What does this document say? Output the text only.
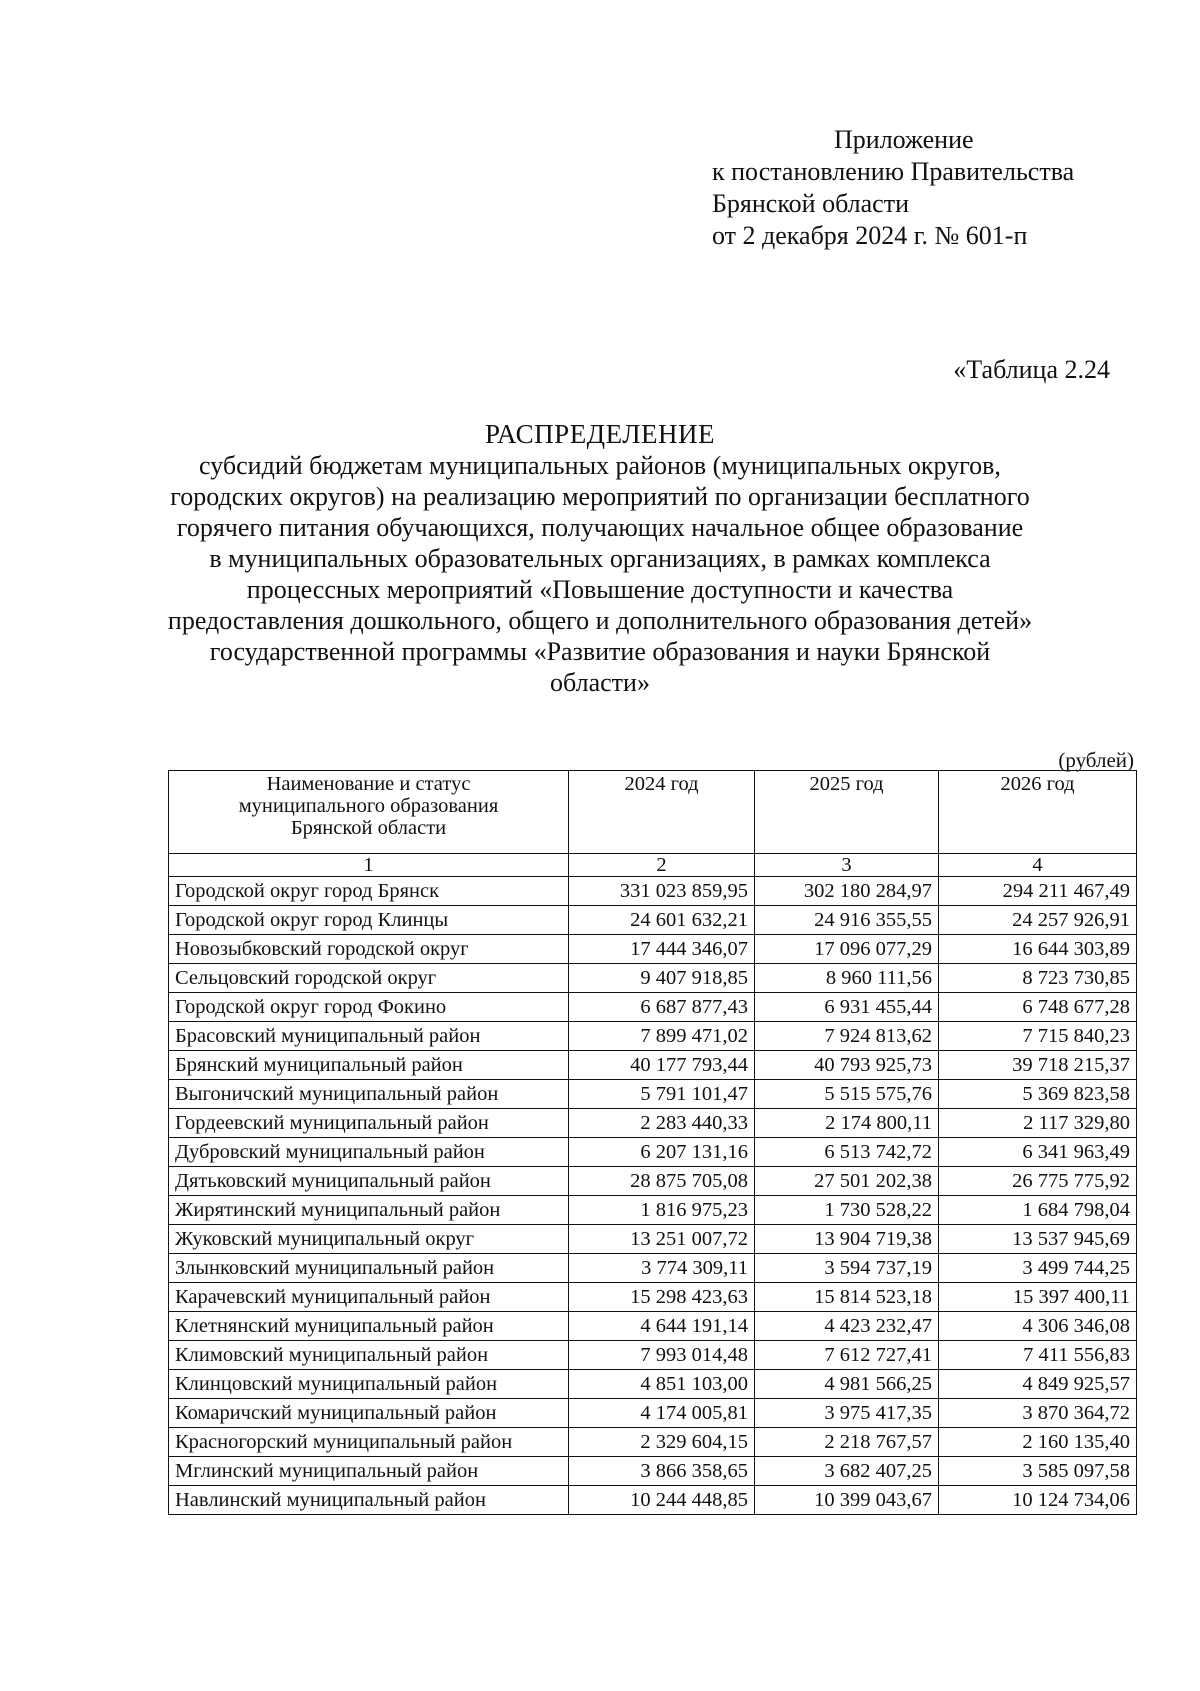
Приложение
к постановлению Правительства
Брянской области
от 2 декабря 2024 г. № 601-п
«Таблица 2.24
РАСПРЕДЕЛЕНИЕ
субсидий бюджетам муниципальных районов (муниципальных округов,
городских округов) на реализацию мероприятий по организации бесплатного
горячего питания обучающихся, получающих начальное общее образование
в муниципальных образовательных организациях, в рамках комплекса
процессных мероприятий «Повышение доступности и качества
предоставления дошкольного, общего и дополнительного образования детей»
государственной программы «Развитие образования и науки Брянской
области»
(рублей)
Наименование и статус
муниципального образования
Брянской области	2024 год	2025 год	2026 год
1	2	3	4
Городской округ город Брянск	331 023 859,95	302 180 284,97	294 211 467,49
Городской округ город Клинцы	24 601 632,21	24 916 355,55	24 257 926,91
Новозыбковский городской округ	17 444 346,07	17 096 077,29	16 644 303,89
Сельцовский городской округ	9 407 918,85	8 960 111,56	8 723 730,85
Городской округ город Фокино	6 687 877,43	6 931 455,44	6 748 677,28
Брасовский муниципальный район	7 899 471,02	7 924 813,62	7 715 840,23
Брянский муниципальный район	40 177 793,44	40 793 925,73	39 718 215,37
Выгоничский муниципальный район	5 791 101,47	5 515 575,76	5 369 823,58
Гордеевский муниципальный район	2 283 440,33	2 174 800,11	2 117 329,80
Дубровский муниципальный район	6 207 131,16	6 513 742,72	6 341 963,49
Дятьковский муниципальный район	28 875 705,08	27 501 202,38	26 775 775,92
Жирятинский муниципальный район	1 816 975,23	1 730 528,22	1 684 798,04
Жуковский муниципальный округ	13 251 007,72	13 904 719,38	13 537 945,69
Злынковский муниципальный район	3 774 309,11	3 594 737,19	3 499 744,25
Карачевский муниципальный район	15 298 423,63	15 814 523,18	15 397 400,11
Клетнянский муниципальный район	4 644 191,14	4 423 232,47	4 306 346,08
Климовский муниципальный район	7 993 014,48	7 612 727,41	7 411 556,83
Клинцовский муниципальный район	4 851 103,00	4 981 566,25	4 849 925,57
Комаричский муниципальный район	4 174 005,81	3 975 417,35	3 870 364,72
Красногорский муниципальный район	2 329 604,15	2 218 767,57	2 160 135,40
Мглинский муниципальный район	3 866 358,65	3 682 407,25	3 585 097,58
Навлинский муниципальный район	10 244 448,85	10 399 043,67	10 124 734,06
